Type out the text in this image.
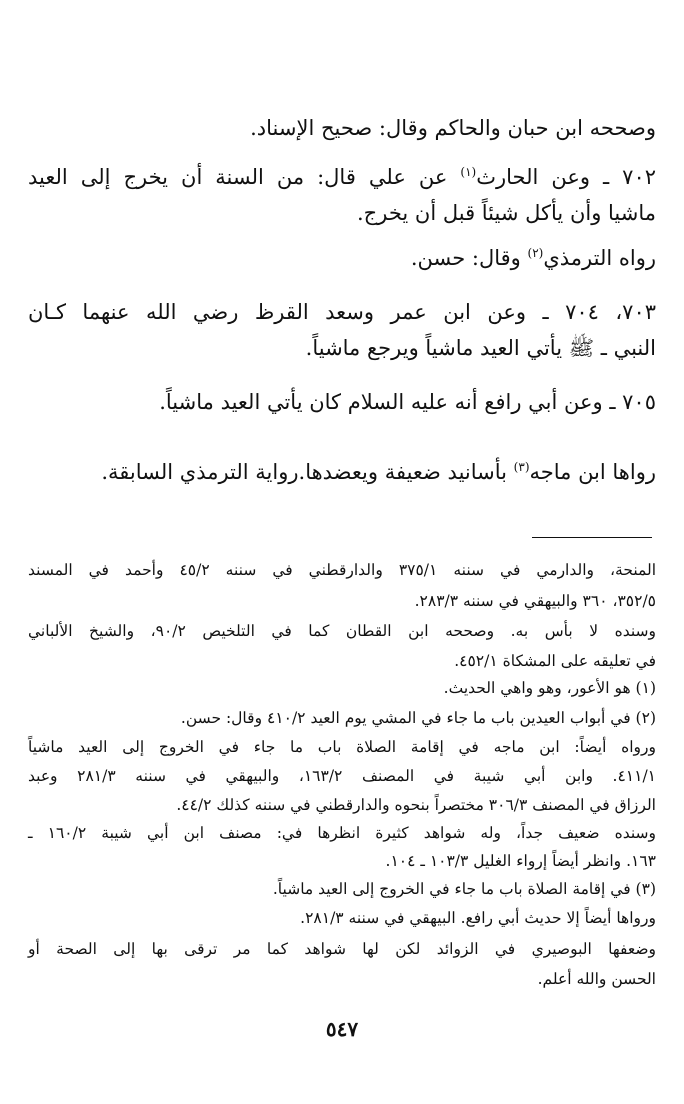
وصححه ابن حبان والحاكم وقال: صحيح الإسناد.
٧٠٢ ـ وعن الحارث$^{(١)}$ عن علي قال: من السنة أن يخرج إلى العيد
ماشيا وأن يأكل شيئاً قبل أن يخرج.
رواه الترمذي$^{(٢)}$ وقال: حسن.
٧٠٣، ٧٠٤ ـ وعن ابن عمر وسعد القرظ رضي الله عنهما كـان
النبي ـ ﷺ يأتي العيد ماشياً ويرجع ماشياً.
٧٠٥ ـ وعن أبي رافع أنه عليه السلام كان يأتي العيد ماشياً.
رواها ابن ماجه$^{(٣)}$ بأسانيد ضعيفة ويعضدها.رواية الترمذي السابقة.
المنحة، والدارمي في سننه ٣٧٥/١ والدارقطني في سننه ٤٥/٢ وأحمد في المسند
٣٥٢/٥، ٣٦٠ والبيهقي في سننه ٢٨٣/٣.
وسنده لا بأس به. وصححه ابن القطان كما في التلخيص ٩٠/٢، والشيخ الألباني
في تعليقه على المشكاة ٤٥٢/١.
(١) هو الأعور، وهو واهي الحديث.
(٢) في أبواب العيدين باب ما جاء في المشي يوم العيد ٤١٠/٢ وقال: حسن.
ورواه أيضاً: ابن ماجه في إقامة الصلاة باب ما جاء في الخروج إلى العيد ماشياً
٤١١/١. وابن أبي شيبة في المصنف ١٦٣/٢، والبيهقي في سننه ٢٨١/٣ وعبد
الرزاق في المصنف ٣٠٦/٣ مختصراً بنحوه والدارقطني في سننه كذلك ٤٤/٢.
وسنده ضعيف جداً، وله شواهد كثيرة انظرها في: مصنف ابن أبي شيبة ١٦٠/٢ ـ
١٦٣. وانظر أيضاً إرواء الغليل ١٠٣/٣ ـ ١٠٤.
(٣) في إقامة الصلاة باب ما جاء في الخروج إلى العيد ماشياً.
ورواها أيضاً إلا حديث أبي رافع. البيهقي في سننه ٢٨١/٣.
وضعفها البوصيري في الزوائد لكن لها شواهد كما مر ترقى بها إلى الصحة أو
الحسن والله أعلم.
٥٤٧
